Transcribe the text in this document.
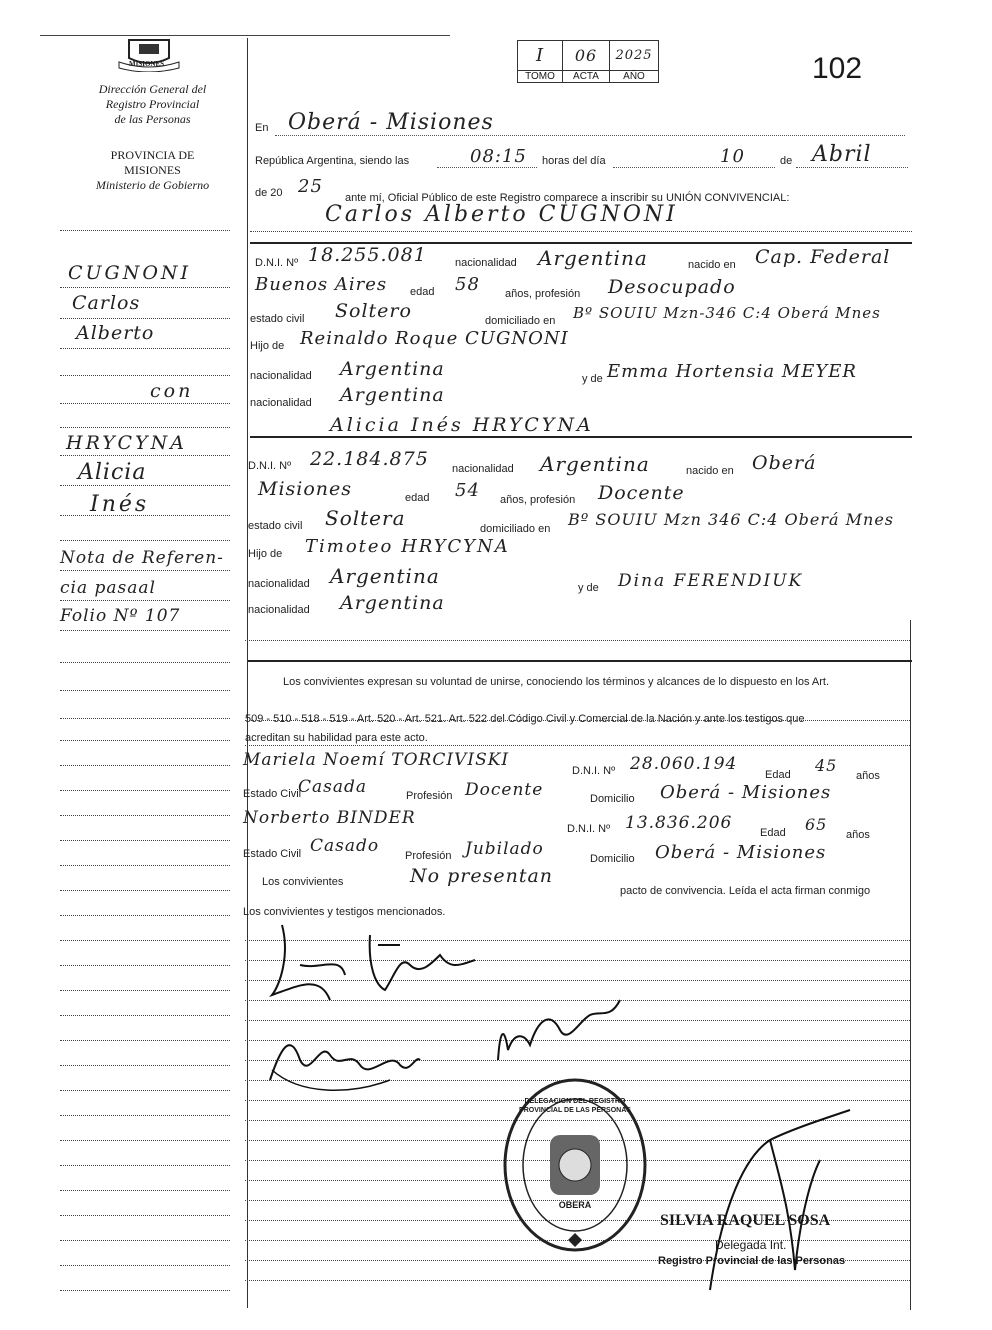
MISIONES
Dirección General del
Registro Provincial
de las Personas
PROVINCIA DE
MISIONES
Ministerio de Gobierno
I	06	2025
TOMO	ACTA	AÑO	102
En Oberá - Misiones
República Argentina, siendo las	08:15 horas del día	10	de Abril
de 20 25
ante mí, Oficial Público de este Registro comparece a inscribir su UNIÓN CONVIVENCIAL:
Carlos Alberto CUGNONI
D.N.I. Nº 18.255.081	nacionalidad Argentina	nacido en Cap. Federal
Buenos Aires edad 58 años, profesión Desocupado
estado civil Soltero	domiciliado en Bº SOUIU Mzn-346 C:4 Oberá Mnes
Hijo de Reinaldo Roque CUGNONI
nacionalidad Argentina	y de Emma Hortensia MEYER
nacionalidad Argentina
Alicia Inés HRYCYNA
D.N.I. Nº 22.184.875 nacionalidad Argentina	nacido en Oberá
Misiones	edad 54 años, profesión Docente
estado civil Soltera	domiciliado en Bº SOUIU Mzn 346 C:4 Oberá Mnes
Hijo de Timoteo HRYCYNA
nacionalidad Argentina	y de Dina FERENDIUK
nacionalidad Argentina
Los convivientes expresan su voluntad de unirse, conociendo los términos y alcances de lo dispuesto en los Art.
509 - 510 - 518 - 519 - Art. 520 - Art. 521. Art. 522 del Código Civil y Comercial de la Nación y ante los testigos que
acreditan su habilidad para este acto.
Mariela Noemí TORCIVISKI
D.N.I. Nº 28.060.194
Edad 45
años
Estado Civil
Casada	Profesión Docente	Domicilio Oberá - Misiones
Norberto BINDER
D.N.I. Nº 13.836.206	Edad 65
años
Estado Civil Casado Profesión Jubilado	Domicilio Oberá - Misiones
Los convivientes	No presentan
pacto de convivencia. Leída el acta firman conmigo
Los convivientes y testigos mencionados.
CUGNONI
Carlos
Alberto
con
HRYCYNA
Alicia
Inés
Nota de Referen-
cia pasaal
Folio Nº 107
DELEGACION DEL REGISTRO PROVINCIAL DE LAS PERSONAS
OBERA
SILVIA RAQUEL SOSA
Delegada Int.
Registro Provincial de las Personas
